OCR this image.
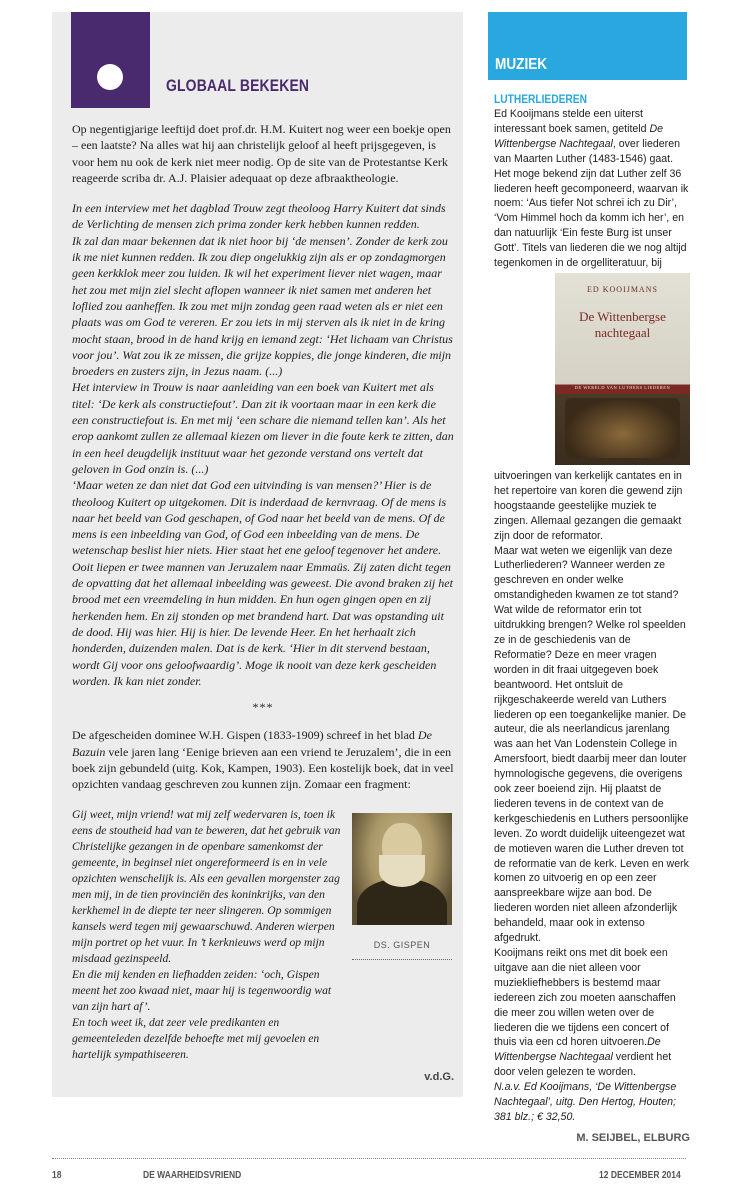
GLOBAAL BEKEKEN

Op negentigjarige leeftijd doet prof.dr. H.M. Kuitert nog weer een boekje open – een laatste? Na alles wat hij aan christelijk geloof al heeft prijsgegeven, is voor hem nu ook de kerk niet meer nodig. Op de site van de Protestantse Kerk reageerde scriba dr. A.J. Plaisier adequaat op deze afbraaktheologie.

In een interview met het dagblad Trouw zegt theoloog Harry Kuitert dat sinds de Verlichting de mensen zich prima zonder kerk hebben kunnen redden.

Ik zal dan maar bekennen dat ik niet hoor bij ‘de mensen’. Zonder de kerk zou ik me niet kunnen redden. Ik zou diep ongelukkig zijn als er op zondagmorgen geen kerkklok meer zou luiden. Ik wil het experiment liever niet wagen, maar het zou met mijn ziel slecht aflopen wanneer ik niet samen met anderen het loflied zou aanheffen. Ik zou met mijn zondag geen raad weten als er niet een plaats was om God te vereren. Er zou iets in mij sterven als ik niet in de kring mocht staan, brood in de hand krijg en iemand zegt: ‘Het lichaam van Christus voor jou’. Wat zou ik ze missen, die grijze koppies, die jonge kinderen, die mijn broeders en zusters zijn, in Jezus naam. (...)

Het interview in Trouw is naar aanleiding van een boek van Kuitert met als titel: ‘De kerk als constructiefout’. Dan zit ik voortaan maar in een kerk die een constructiefout is. En met mij ‘een schare die niemand tellen kan’. Als het erop aankomt zullen ze allemaal kiezen om liever in die foute kerk te zitten, dan in een heel deugdelijk instituut waar het gezonde verstand ons vertelt dat geloven in God onzin is. (...)

‘Maar weten ze dan niet dat God een uitvinding is van mensen?’ Hier is de theoloog Kuitert op uitgekomen. Dit is inderdaad de kernvraag. Of de mens is naar het beeld van God geschapen, of God naar het beeld van de mens. Of de mens is een inbeelding van God, of God een inbeelding van de mens. De wetenschap beslist hier niets. Hier staat het ene geloof tegenover het andere.

Ooit liepen er twee mannen van Jeruzalem naar Emmaüs. Zij zaten dicht tegen de opvatting dat het allemaal inbeelding was geweest. Die avond braken zij het brood met een vreemdeling in hun midden. En hun ogen gingen open en zij herkenden hem. En zij stonden op met brandend hart. Dat was opstanding uit de dood. Hij was hier. Hij is hier. De levende Heer. En het herhaalt zich honderden, duizenden malen. Dat is de kerk. ‘Hier in dit stervend bestaan, wordt Gij voor ons geloofwaardig’. Moge ik nooit van deze kerk gescheiden worden. Ik kan niet zonder.

***

De afgescheiden dominee W.H. Gispen (1833-1909) schreef in het blad De Bazuin vele jaren lang ‘Eenige brieven aan een vriend te Jeruzalem’, die in een boek zijn gebundeld (uitg. Kok, Kampen, 1903). Een kostelijk boek, dat in veel opzichten vandaag geschreven zou kunnen zijn. Zomaar een fragment:

Gij weet, mijn vriend! wat mij zelf wedervaren is, toen ik eens de stoutheid had van te beweren, dat het gebruik van Christelijke gezangen in de openbare samenkomst der gemeente, in beginsel niet ongereformeerd is en in vele opzichten wenschelijk is. Als een gevallen morgenster zag men mij, in de tien provinciën des koninkrijks, van den kerkhemel in de diepte ter neer slingeren. Op sommigen kansels werd tegen mij gewaarschuwd. Anderen wierpen mijn portret op het vuur. In ’t kerknieuws werd op mijn misdaad gezinspeeld.

En die mij kenden en liefhadden zeiden: ‘och, Gispen meent het zoo kwaad niet, maar hij is tegenwoordig wat van zijn hart af’.

En toch weet ik, dat zeer vele predikanten en gemeenteleden dezelfde behoefte met mij gevoelen en hartelijk sympathiseeren.

DS. GISPEN

v.d.G.

MUZIEK

LUTHERLIEDEREN

ED KOOIJMANS
De Wittenbergse nachtegaal
DE WERELD VAN LUTHERS LIEDEREN

Ed Kooijmans stelde een uiterst interessant boek samen, getiteld De Wittenbergse Nachtegaal, over liederen van Maarten Luther (1483-1546) gaat. Het moge bekend zijn dat Luther zelf 36 liederen heeft gecomponeerd, waarvan ik noem: ‘Aus tiefer Not schrei ich zu Dir’, ‘Vom Himmel hoch da komm ich her’, en dan natuurlijk ‘Ein feste Burg ist unser Gott’. Titels van liederen die we nog altijd tegenkomen in de orgelliteratuur, bij uitvoeringen van kerkelijk cantates en in het repertoire van koren die gewend zijn hoogstaande geestelijke muziek te zingen. Allemaal gezangen die gemaakt zijn door de reformator.

Maar wat weten we eigenlijk van deze Lutherliederen? Wanneer werden ze geschreven en onder welke omstandigheden kwamen ze tot stand? Wat wilde de reformator erin tot uitdrukking brengen? Welke rol speelden ze in de geschiedenis van de Reformatie? Deze en meer vragen worden in dit fraai uitgegeven boek beantwoord. Het ontsluit de rijkgeschakeerde wereld van Luthers liederen op een toegankelijke manier. De auteur, die als neerlandicus jarenlang was aan het Van Lodenstein College in Amersfoort, biedt daarbij meer dan louter hymnologische gegevens, die overigens ook zeer boeiend zijn. Hij plaatst de liederen tevens in de context van de kerkgeschiedenis en Luthers persoonlijke leven. Zo wordt duidelijk uiteengezet wat de motieven waren die Luther dreven tot de reformatie van de kerk. Leven en werk komen zo uitvoerig en op een zeer aanspreekbare wijze aan bod. De liederen worden niet alleen afzonderlijk behandeld, maar ook in extenso afgedrukt.

Kooijmans reikt ons met dit boek een uitgave aan die niet alleen voor muziekliefhebbers is bestemd maar iedereen zich zou moeten aanschaffen die meer zou willen weten over de liederen die we tijdens een concert of thuis via een cd horen uitvoeren.De Wittenbergse Nachtegaal verdient het door velen gelezen te worden.

N.a.v. Ed Kooijmans, ‘De Wittenbergse Nachtegaal’, uitg. Den Hertog, Houten; 381 blz.; € 32,50.

M. SEIJBEL, ELBURG

18	DE WAARHEIDSVRIEND	12 DECEMBER 2014
